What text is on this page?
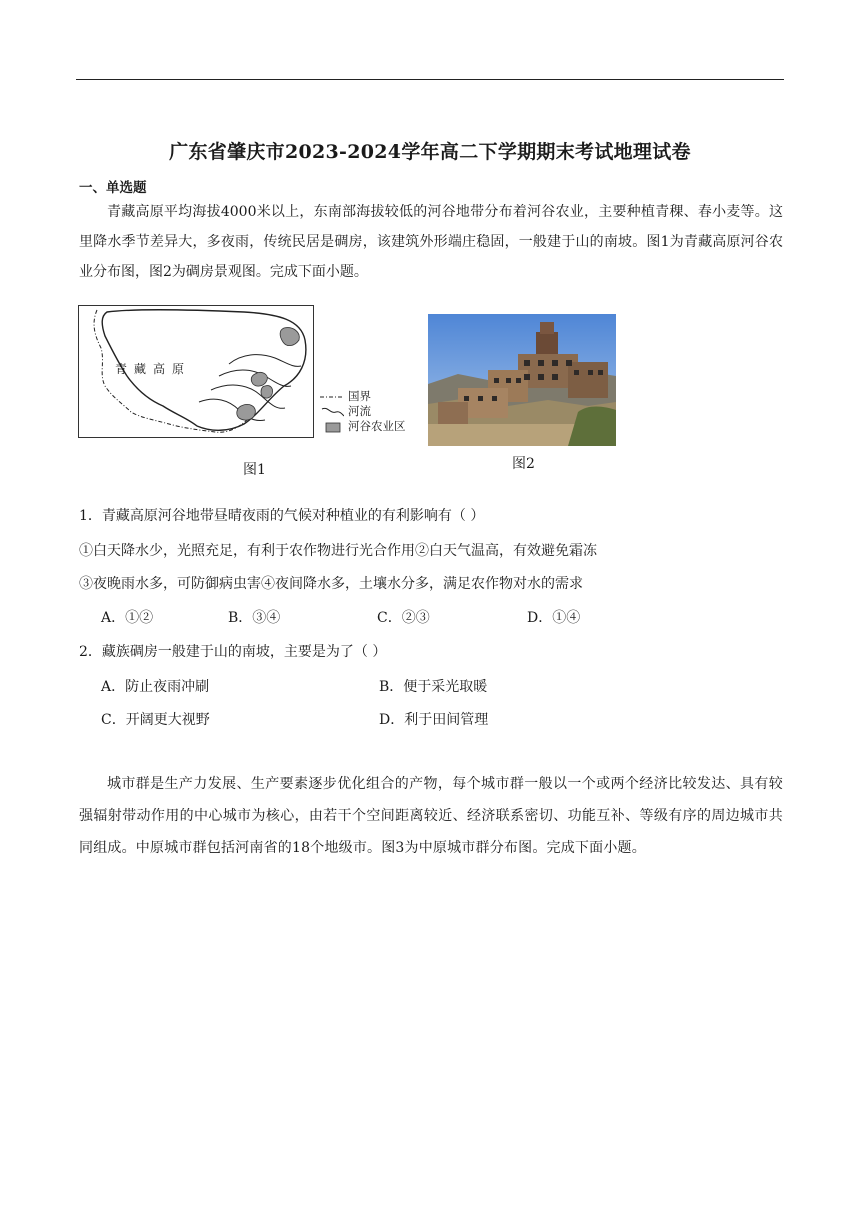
广东省肇庆市2023-2024学年高二下学期期末考试地理试卷
一、单选题

青藏高原平均海拔4000米以上，东南部海拔较低的河谷地带分布着河谷农业，主要种植青稞、春小麦等。这里降水季节差异大，多夜雨，传统民居是碉房，该建筑外形端庄稳固，一般建于山的南坡。图1为青藏高原河谷农业分布图，图2为碉房景观图。完成下面小题。

青藏高原
国界
河流
河谷农业区
图1	图2
1．青藏高原河谷地带昼晴夜雨的气候对种植业的有利影响有（ ）
①白天降水少，光照充足，有利于农作物进行光合作用②白天气温高，有效避免霜冻
③夜晚雨水多，可防御病虫害④夜间降水多，土壤水分多，满足农作物对水的需求
A．①②	B．③④	C．②③	D．①④
2．藏族碉房一般建于山的南坡，主要是为了（ ）
A．防止夜雨冲刷	B．便于采光取暖
C．开阔更大视野	D．利于田间管理

城市群是生产力发展、生产要素逐步优化组合的产物，每个城市群一般以一个或两个经济比较发达、具有较强辐射带动作用的中心城市为核心，由若干个空间距离较近、经济联系密切、功能互补、等级有序的周边城市共同组成。中原城市群包括河南省的18个地级市。图3为中原城市群分布图。完成下面小题。
